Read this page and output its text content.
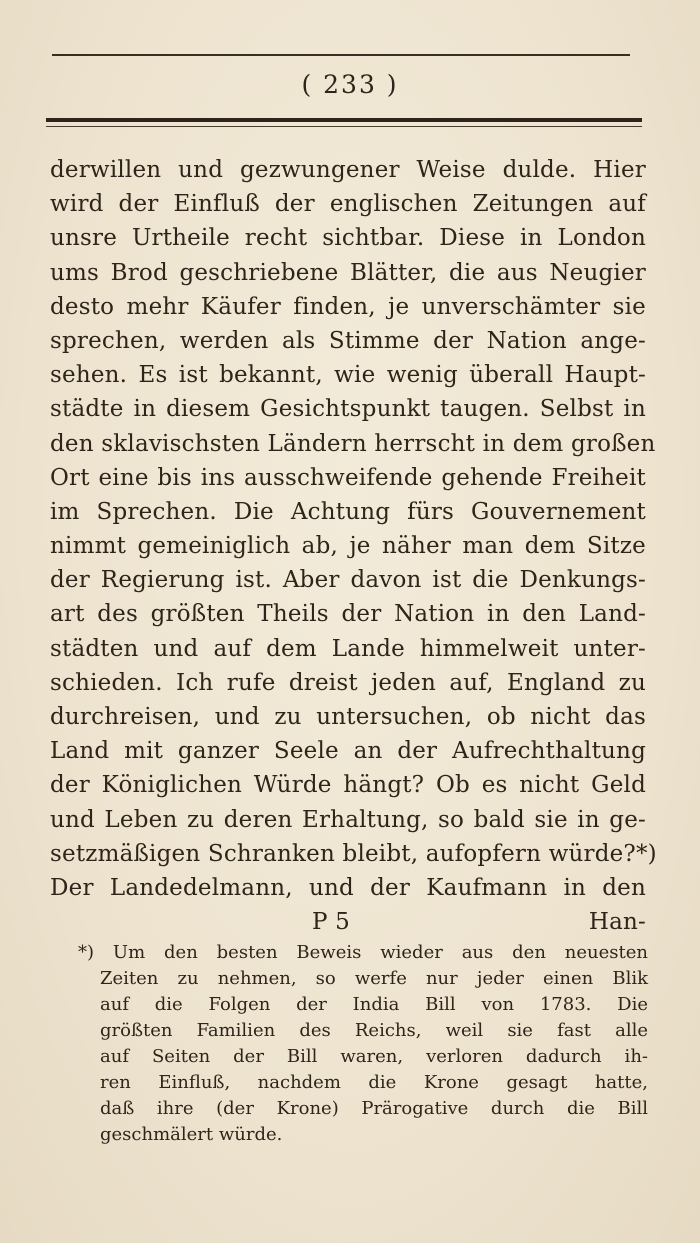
( 233 )
derwillen und gezwungener Weise dulde. Hier
wird der Einfluß der englischen Zeitungen auf
unsre Urtheile recht sichtbar. Diese in London
ums Brod geschriebene Blätter, die aus Neugier
desto mehr Käufer finden, je unverschämter sie
sprechen, werden als Stimme der Nation ange-
sehen. Es ist bekannt, wie wenig überall Haupt-
städte in diesem Gesichtspunkt taugen. Selbst in
den sklavischsten Ländern herrscht in dem großen
Ort eine bis ins ausschweifende gehende Freiheit
im Sprechen. Die Achtung fürs Gouvernement
nimmt gemeiniglich ab, je näher man dem Sitze
der Regierung ist. Aber davon ist die Denkungs-
art des größten Theils der Nation in den Land-
städten und auf dem Lande himmelweit unter-
schieden. Ich rufe dreist jeden auf, England zu
durchreisen, und zu untersuchen, ob nicht das
Land mit ganzer Seele an der Aufrechthaltung
der Königlichen Würde hängt? Ob es nicht Geld
und Leben zu deren Erhaltung, so bald sie in ge-
setzmäßigen Schranken bleibt, aufopfern würde?*)
Der Landedelmann, und der Kaufmann in den
P 5	Han-
*) Um den besten Beweis wieder aus den neuesten
Zeiten zu nehmen, so werfe nur jeder einen Blik
auf die Folgen der India Bill von 1783. Die
größten Familien des Reichs, weil sie fast alle
auf Seiten der Bill waren, verloren dadurch ih-
ren Einfluß, nachdem die Krone gesagt hatte,
daß ihre (der Krone) Prärogative durch die Bill
geschmälert würde.
